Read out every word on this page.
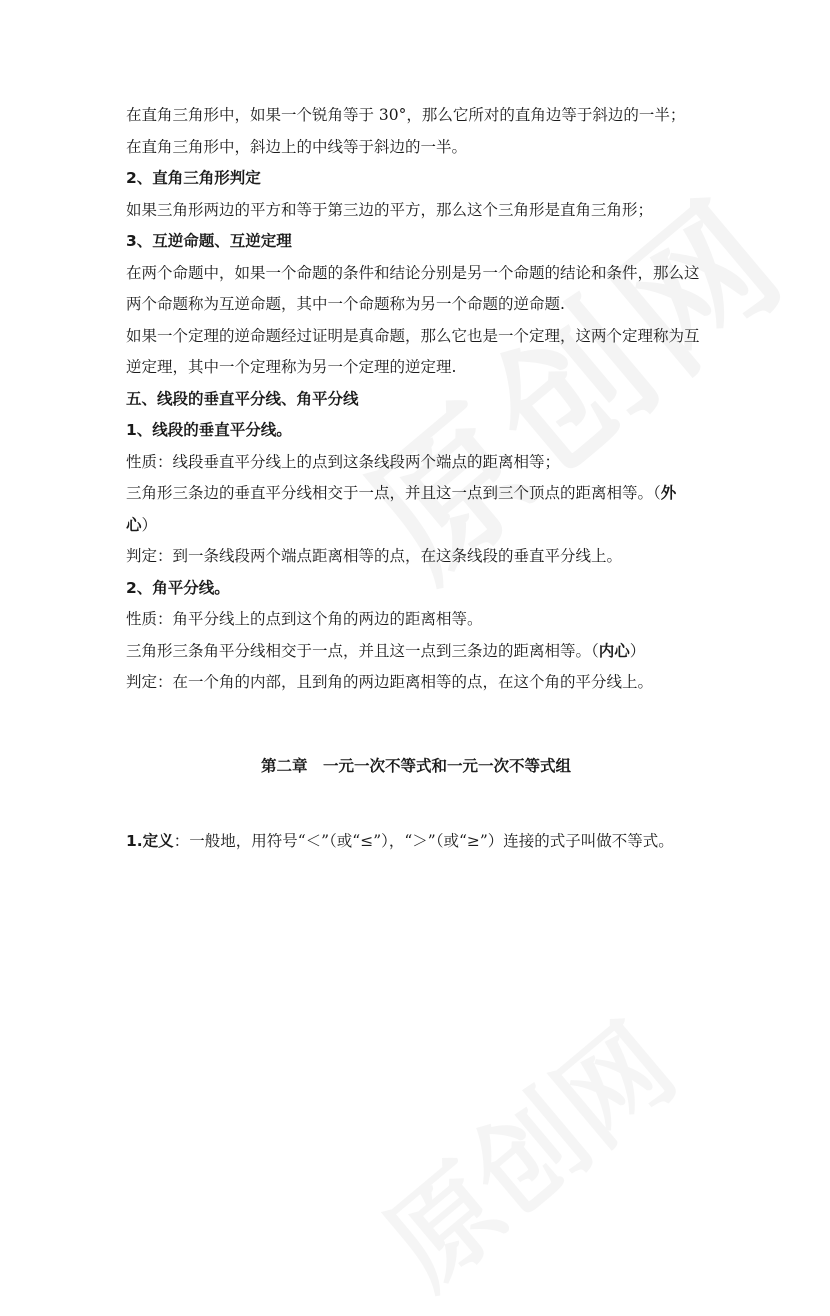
在直角三角形中，如果一个锐角等于 30°，那么它所对的直角边等于斜边的一半；

在直角三角形中，斜边上的中线等于斜边的一半。

2、直角三角形判定

如果三角形两边的平方和等于第三边的平方，那么这个三角形是直角三角形；

3、互逆命题、互逆定理

在两个命题中，如果一个命题的条件和结论分别是另一个命题的结论和条件，那么这两个命题称为互逆命题，其中一个命题称为另一个命题的逆命题.

如果一个定理的逆命题经过证明是真命题，那么它也是一个定理，这两个定理称为互逆定理，其中一个定理称为另一个定理的逆定理.

五、线段的垂直平分线、角平分线

1、线段的垂直平分线。

性质：线段垂直平分线上的点到这条线段两个端点的距离相等；

三角形三条边的垂直平分线相交于一点，并且这一点到三个顶点的距离相等。（外心）

判定：到一条线段两个端点距离相等的点，在这条线段的垂直平分线上。

2、角平分线。

性质：角平分线上的点到这个角的两边的距离相等。

三角形三条角平分线相交于一点，并且这一点到三条边的距离相等。（内心）

判定：在一个角的内部，且到角的两边距离相等的点，在这个角的平分线上。

第二章　一元一次不等式和一元一次不等式组

1.定义：一般地，用符号“＜”（或“≤”），“＞”（或“≥”）连接的式子叫做不等式。
